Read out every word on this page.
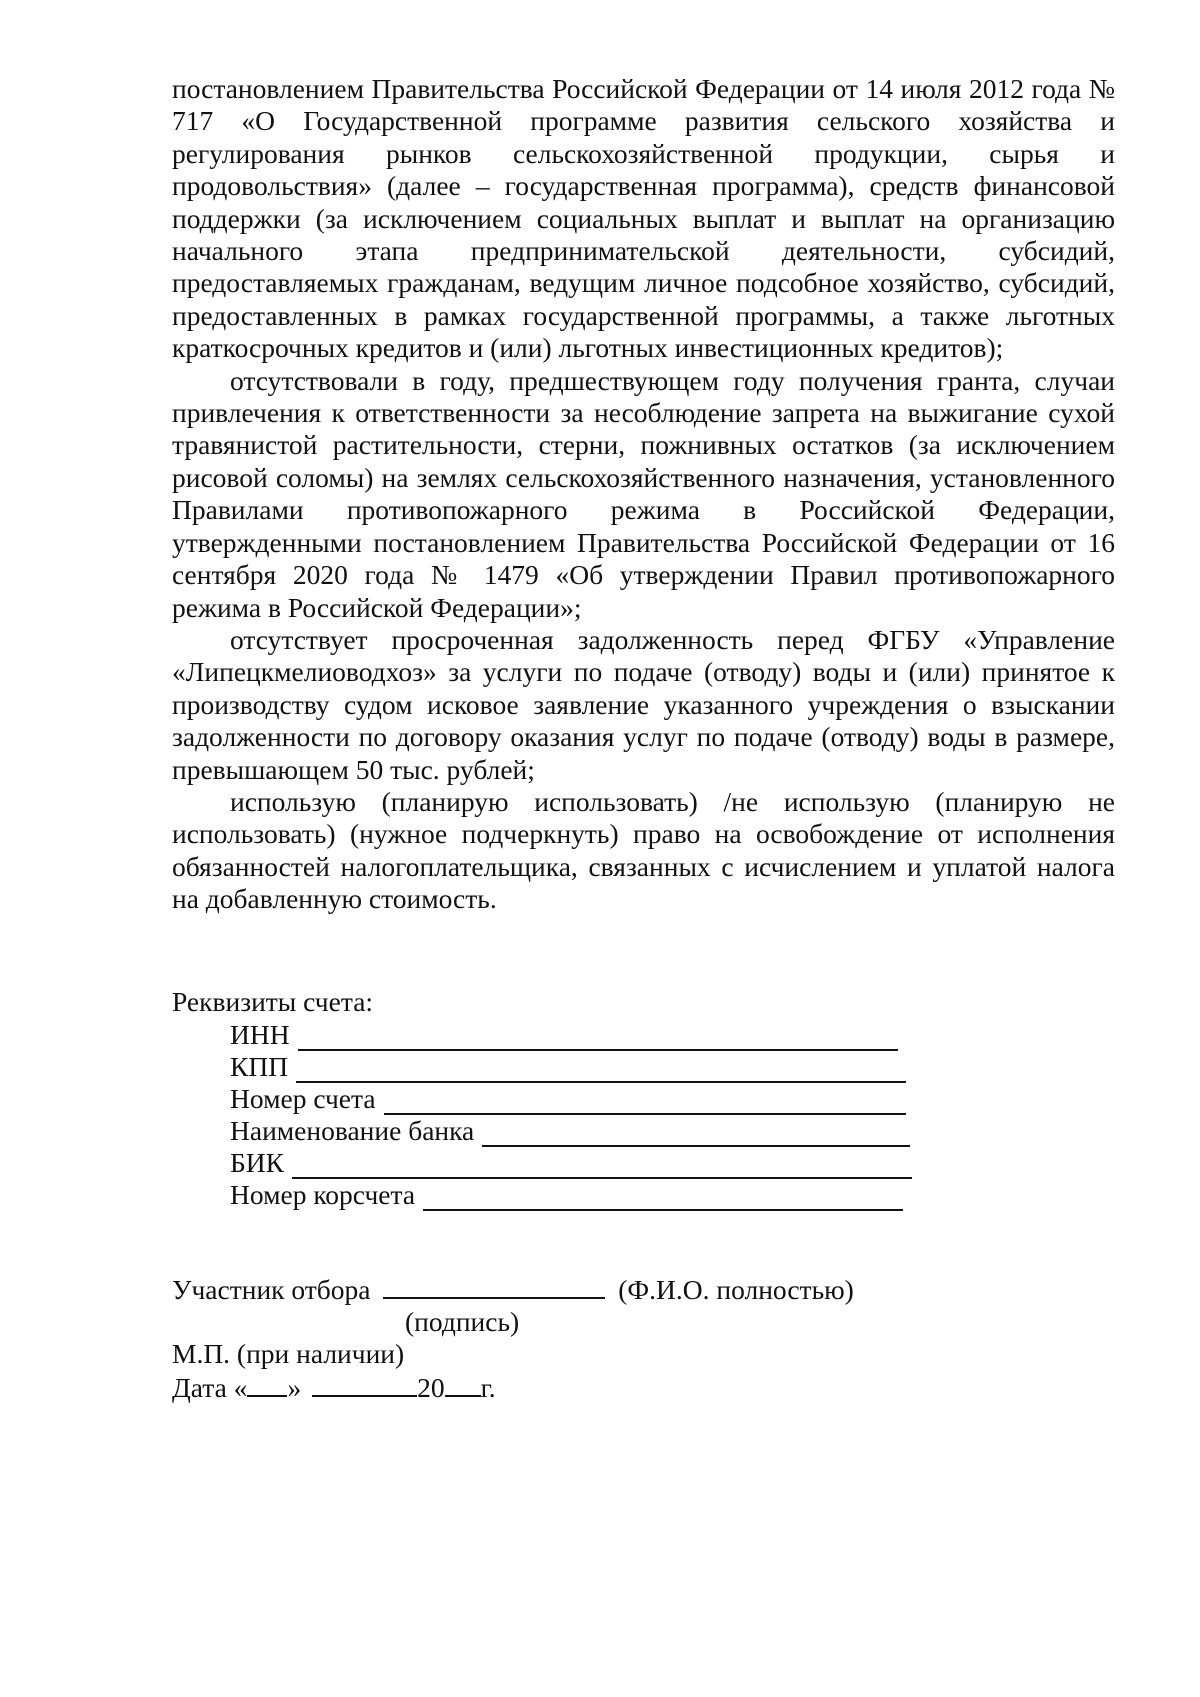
постановлением Правительства Российской Федерации от 14 июля 2012 года № 717 «О Государственной программе развития сельского хозяйства и регулирования рынков сельскохозяйственной продукции, сырья и продовольствия» (далее – государственная программа), средств финансовой поддержки (за исключением социальных выплат и выплат на организацию начального этапа предпринимательской деятельности, субсидий, предоставляемых гражданам, ведущим личное подсобное хозяйство, субсидий, предоставленных в рамках государственной программы, а также льготных краткосрочных кредитов и (или) льготных инвестиционных кредитов);

отсутствовали в году, предшествующем году получения гранта, случаи привлечения к ответственности за несоблюдение запрета на выжигание сухой травянистой растительности, стерни, пожнивных остатков (за исключением рисовой соломы) на землях сельскохозяйственного назначения, установленного Правилами противопожарного режима в Российской Федерации, утвержденными постановлением Правительства Российской Федерации от 16 сентября 2020 года № 1479 «Об утверждении Правил противопожарного режима в Российской Федерации»;

отсутствует просроченная задолженность перед ФГБУ «Управление «Липецкмелиоводхоз» за услуги по подаче (отводу) воды и (или) принятое к производству судом исковое заявление указанного учреждения о взыскании задолженности по договору оказания услуг по подаче (отводу) воды в размере, превышающем 50 тыс. рублей;

использую (планирую использовать) /не использую (планирую не использовать) (нужное подчеркнуть) право на освобождение от исполнения обязанностей налогоплательщика, связанных с исчислением и уплатой налога на добавленную стоимость.

Реквизиты счета:
ИНН
КПП
Номер счета
Наименование банка
БИК
Номер корсчета
Участник отбора	(Ф.И.О. полностью)
(подпись)
М.П. (при наличии)
Дата « »	20 г.
